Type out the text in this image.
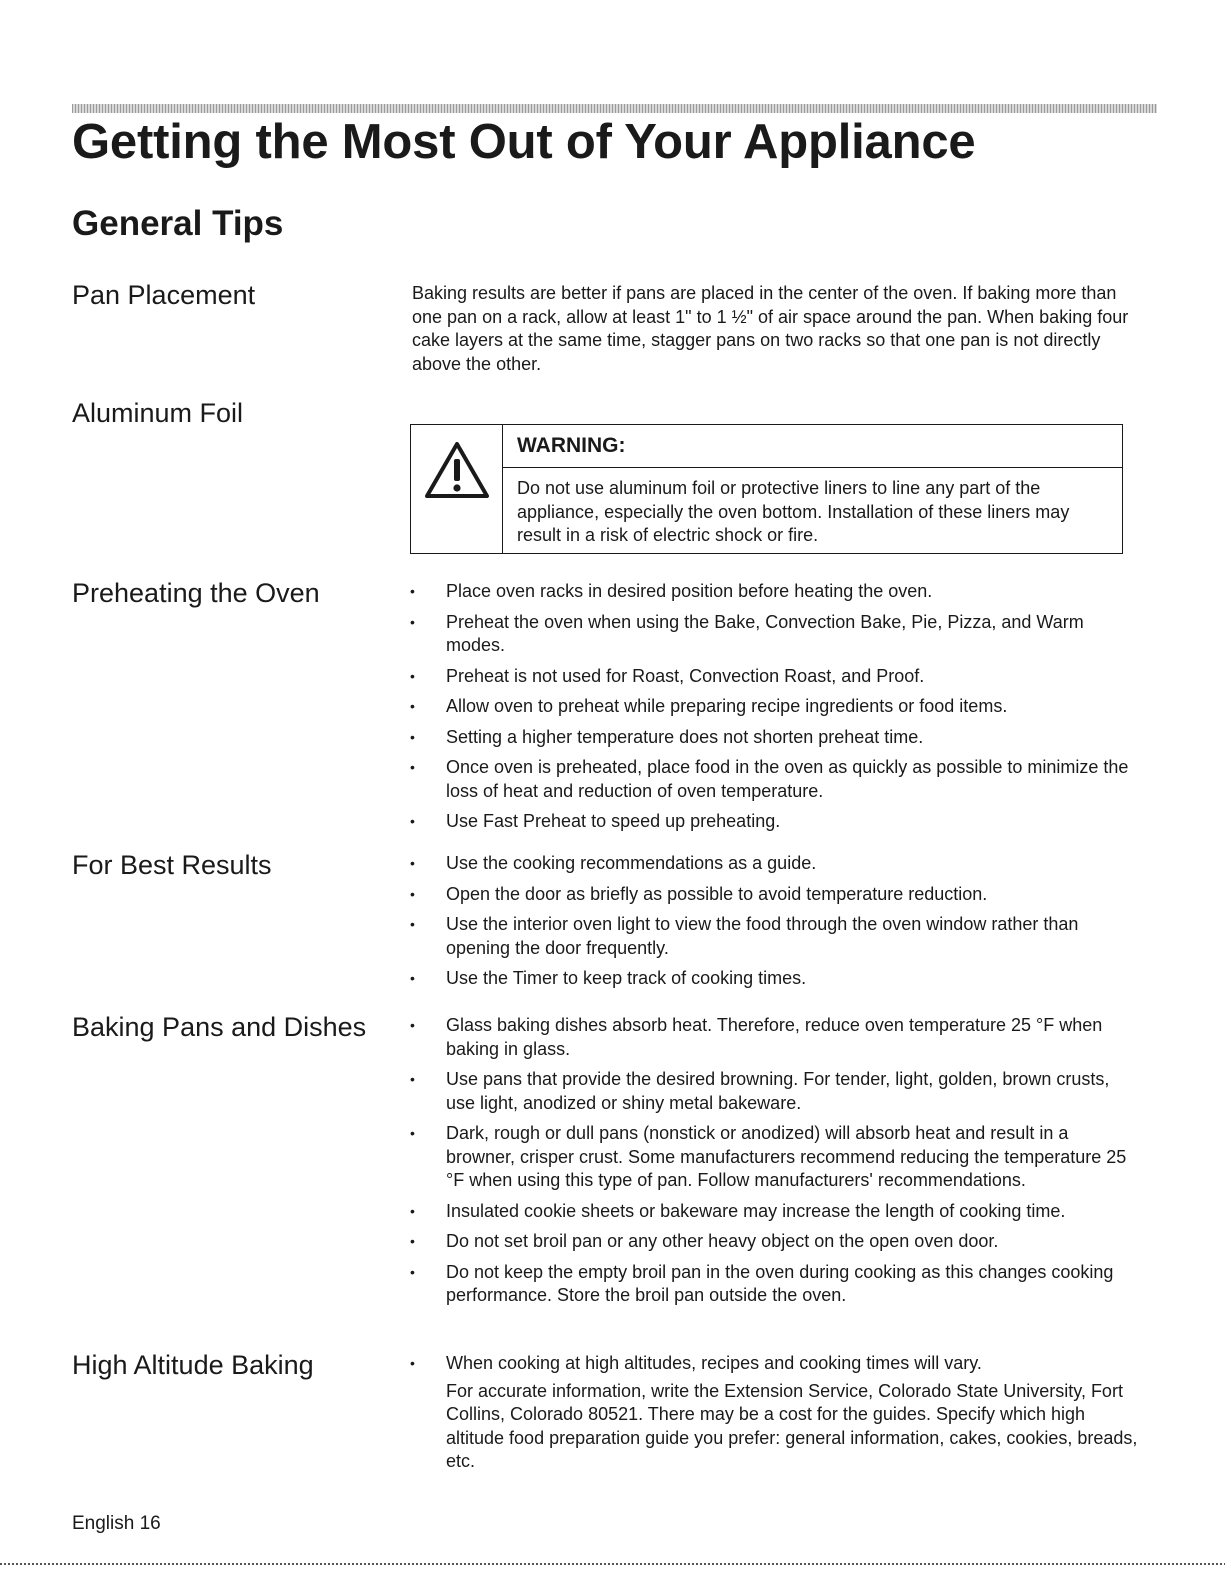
Getting the Most Out of Your Appliance
General Tips
Pan Placement	Baking results are better if pans are placed in the center of the oven. If baking more than one pan on a rack, allow at least 1" to 1 ½" of air space around the pan. When baking four cake layers at the same time, stagger pans on two racks so that one pan is not directly above the other.

Aluminum Foil
WARNING:

Do not use aluminum foil or protective liners to line any part of the appliance, especially the oven bottom. Installation of these liners may result in a risk of electric shock or fire.

Preheating the Oven	• Place oven racks in desired position before heating the oven.
• Preheat the oven when using the Bake, Convection Bake, Pie, Pizza, and Warm modes.
• Preheat is not used for Roast, Convection Roast, and Proof.
• Allow oven to preheat while preparing recipe ingredients or food items.
• Setting a higher temperature does not shorten preheat time.
• Once oven is preheated, place food in the oven as quickly as possible to minimize the loss of heat and reduction of oven temperature.
• Use Fast Preheat to speed up preheating.
For Best Results	• Use the cooking recommendations as a guide.
• Open the door as briefly as possible to avoid temperature reduction.
• Use the interior oven light to view the food through the oven window rather than opening the door frequently.
• Use the Timer to keep track of cooking times.
Baking Pans and Dishes	• Glass baking dishes absorb heat. Therefore, reduce oven temperature 25 °F when baking in glass.
• Use pans that provide the desired browning. For tender, light, golden, brown crusts, use light, anodized or shiny metal bakeware.
• Dark, rough or dull pans (nonstick or anodized) will absorb heat and result in a browner, crisper crust. Some manufacturers recommend reducing the temperature 25 °F when using this type of pan. Follow manufacturers' recommendations.
• Insulated cookie sheets or bakeware may increase the length of cooking time.
• Do not set broil pan or any other heavy object on the open oven door.
• Do not keep the empty broil pan in the oven during cooking as this changes cooking performance. Store the broil pan outside the oven.
High Altitude Baking	• When cooking at high altitudes, recipes and cooking times will vary.
For accurate information, write the Extension Service, Colorado State University, Fort Collins, Colorado 80521. There may be a cost for the guides. Specify which high altitude food preparation guide you prefer: general information, cakes, cookies, breads, etc.
English 16
